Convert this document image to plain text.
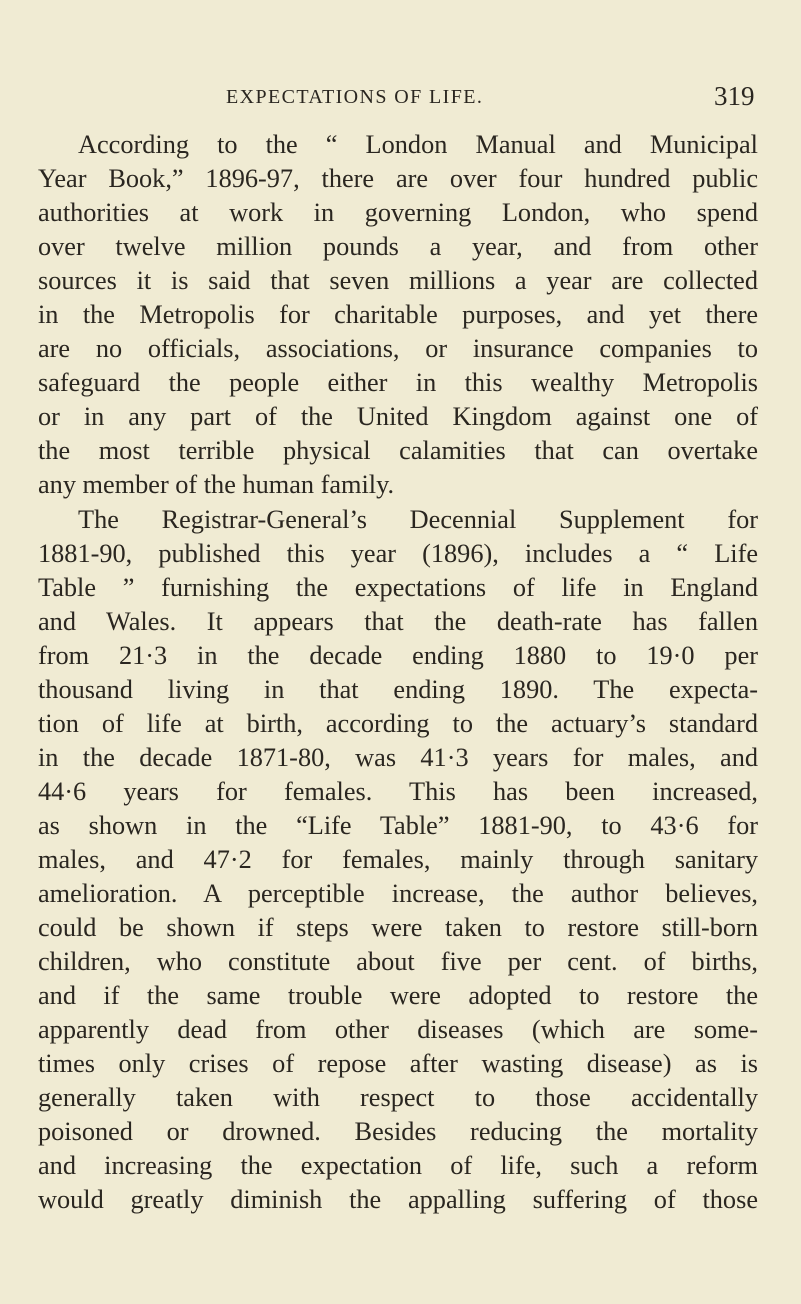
EXPECTATIONS OF LIFE.	319
According to the “ London Manual and Municipal
Year Book,” 1896-97, there are over four hundred public
authorities at work in governing London, who spend
over twelve million pounds a year, and from other
sources it is said that seven millions a year are collected
in the Metropolis for charitable purposes, and yet there
are no officials, associations, or insurance companies to
safeguard the people either in this wealthy Metropolis
or in any part of the United Kingdom against one of
the most terrible physical calamities that can overtake
any member of the human family.
The Registrar-General’s Decennial Supplement for
1881-90, published this year (1896), includes a “ Life
Table ” furnishing the expectations of life in England
and Wales. It appears that the death-rate has fallen
from 21·3 in the decade ending 1880 to 19·0 per
thousand living in that ending 1890. The expecta-
tion of life at birth, according to the actuary’s standard
in the decade 1871-80, was 41·3 years for males, and
44·6 years for females. This has been increased,
as shown in the “Life Table” 1881-90, to 43·6 for
males, and 47·2 for females, mainly through sanitary
amelioration. A perceptible increase, the author believes,
could be shown if steps were taken to restore still-born
children, who constitute about five per cent. of births,
and if the same trouble were adopted to restore the
apparently dead from other diseases (which are some-
times only crises of repose after wasting disease) as is
generally taken with respect to those accidentally
poisoned or drowned. Besides reducing the mortality
and increasing the expectation of life, such a reform
would greatly diminish the appalling suffering of those
